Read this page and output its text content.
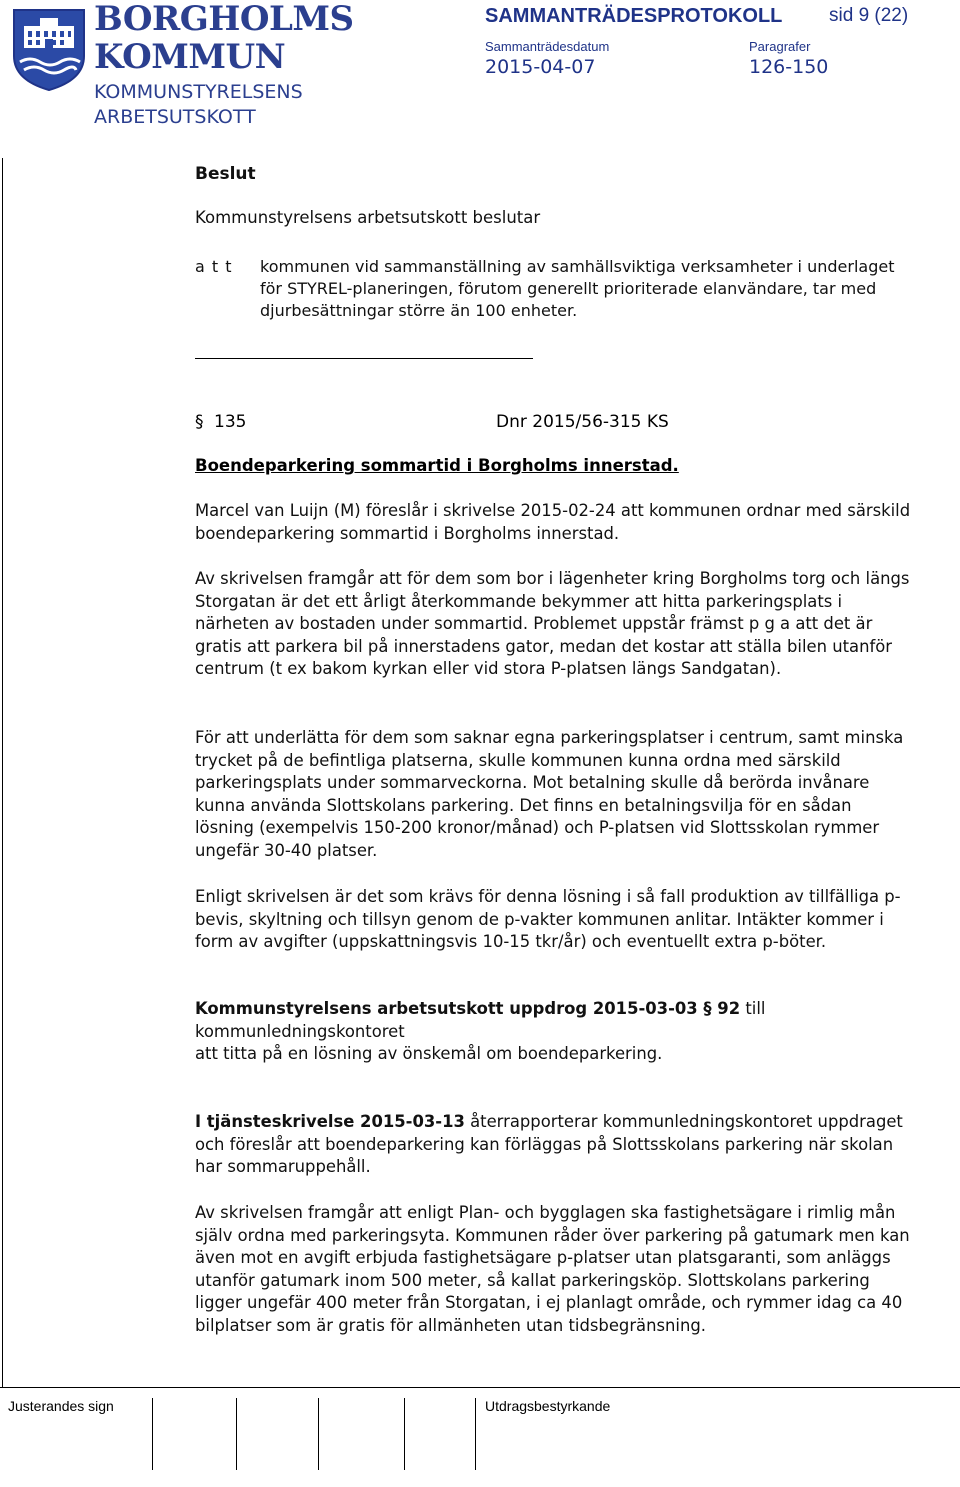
BORGHOLMS
KOMMUN
KOMMUNSTYRELSENS
ARBETSUTSKOTT
SAMMANTRÄDESPROTOKOLL sid 9 (22)
Sammanträdesdatum
2015-04-07
Paragrafer
126-150
Beslut
Kommunstyrelsens arbetsutskott beslutar
a t t kommunen vid sammanställning av samhällsviktiga verksamheter i underlaget för STYREL-planeringen, förutom generellt prioriterade elanvändare, tar med djurbesättningar större än 100 enheter.
§ 135	Dnr 2015/56-315 KS
Boendeparkering sommartid i Borgholms innerstad.

Marcel van Luijn (M) föreslår i skrivelse 2015-02-24 att kommunen ordnar med särskild boendeparkering sommartid i Borgholms innerstad.

Av skrivelsen framgår att för dem som bor i lägenheter kring Borgholms torg och längs Storgatan är det ett årligt återkommande bekymmer att hitta parkeringsplats i närheten av bostaden under sommartid. Problemet uppstår främst p g a att det är gratis att parkera bil på innerstadens gator, medan det kostar att ställa bilen utanför centrum (t ex bakom kyrkan eller vid stora P-platsen längs Sandgatan).

För att underlätta för dem som saknar egna parkeringsplatser i centrum, samt minska trycket på de befintliga platserna, skulle kommunen kunna ordna med särskild parkeringsplats under sommarveckorna. Mot betalning skulle då berörda invånare kunna använda Slottskolans parkering. Det finns en betalningsvilja för en sådan lösning (exempelvis 150-200 kronor/månad) och P-platsen vid Slottsskolan rymmer ungefär 30-40 platser.

Enligt skrivelsen är det som krävs för denna lösning i så fall produktion av tillfälliga p-bevis, skyltning och tillsyn genom de p-vakter kommunen anlitar. Intäkter kommer i form av avgifter (uppskattningsvis 10-15 tkr/år) och eventuellt extra p-böter.

Kommunstyrelsens arbetsutskott uppdrog 2015-03-03 § 92 till kommunledningskontoret
att titta på en lösning av önskemål om boendeparkering.
I tjänsteskrivelse 2015-03-13 återrapporterar kommunledningskontoret uppdraget och föreslår att boendeparkering kan förläggas på Slottsskolans parkering när skolan har sommaruppehåll.

Av skrivelsen framgår att enligt Plan- och bygglagen ska fastighetsägare i rimlig mån själv ordna med parkeringsyta. Kommunen råder över parkering på gatumark men kan även mot en avgift erbjuda fastighetsägare p-platser utan platsgaranti, som anläggs utanför gatumark inom 500 meter, så kallat parkeringsköp. Slottskolans parkering ligger ungefär 400 meter från Storgatan, i ej planlagt område, och rymmer idag ca 40 bilplatser som är gratis för allmänheten utan tidsbegränsning.

Justerandes sign	Utdragsbestyrkande
